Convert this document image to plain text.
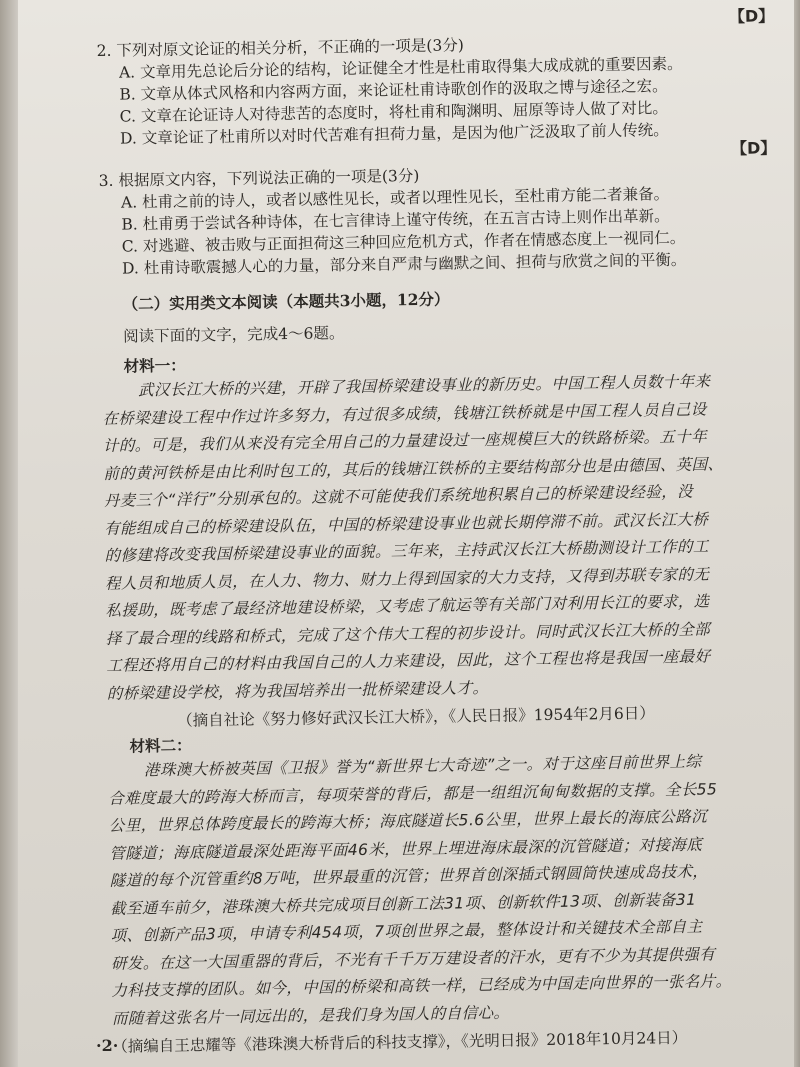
【D】

2. 下列对原文论证的相关分析，不正确的一项是(3分)

A. 文章用先总论后分论的结构，论证健全才性是杜甫取得集大成成就的重要因素。

B. 文章从体式风格和内容两方面，来论证杜甫诗歌创作的汲取之博与途径之宏。

C. 文章在论证诗人对待悲苦的态度时，将杜甫和陶渊明、屈原等诗人做了对比。

D. 文章论证了杜甫所以对时代苦难有担荷力量，是因为他广泛汲取了前人传统。

【D】

3. 根据原文内容，下列说法正确的一项是(3分)

A. 杜甫之前的诗人，或者以感性见长，或者以理性见长，至杜甫方能二者兼备。

B. 杜甫勇于尝试各种诗体，在七言律诗上谨守传统，在五言古诗上则作出革新。

C. 对逃避、被击败与正面担荷这三种回应危机方式，作者在情感态度上一视同仁。

D. 杜甫诗歌震撼人心的力量，部分来自严肃与幽默之间、担荷与欣赏之间的平衡。

（二）实用类文本阅读（本题共3小题，12分）

阅读下面的文字，完成4～6题。

材料一：

武汉长江大桥的兴建，开辟了我国桥梁建设事业的新历史。中国工程人员数十年来

在桥梁建设工程中作过许多努力，有过很多成绩，钱塘江铁桥就是中国工程人员自己设

计的。可是，我们从来没有完全用自己的力量建设过一座规模巨大的铁路桥梁。五十年

前的黄河铁桥是由比利时包工的，其后的钱塘江铁桥的主要结构部分也是由德国、英国、

丹麦三个“洋行”分别承包的。这就不可能使我们系统地积累自己的桥梁建设经验，没

有能组成自己的桥梁建设队伍，中国的桥梁建设事业也就长期停滞不前。武汉长江大桥

的修建将改变我国桥梁建设事业的面貌。三年来，主持武汉长江大桥勘测设计工作的工

程人员和地质人员，在人力、物力、财力上得到国家的大力支持，又得到苏联专家的无

私援助，既考虑了最经济地建设桥梁，又考虑了航运等有关部门对利用长江的要求，选

择了最合理的线路和桥式，完成了这个伟大工程的初步设计。同时武汉长江大桥的全部

工程还将用自己的材料由我国自己的人力来建设，因此，这个工程也将是我国一座最好

的桥梁建设学校，将为我国培养出一批桥梁建设人才。

（摘自社论《努力修好武汉长江大桥》，《人民日报》1954年2月6日）

材料二：

港珠澳大桥被英国《卫报》誉为“新世界七大奇迹”之一。对于这座目前世界上综

合难度最大的跨海大桥而言，每项荣誉的背后，都是一组组沉甸甸数据的支撑。全长55

公里，世界总体跨度最长的跨海大桥；海底隧道长5.6公里，世界上最长的海底公路沉

管隧道；海底隧道最深处距海平面46米，世界上埋进海床最深的沉管隧道；对接海底

隧道的每个沉管重约8万吨，世界最重的沉管；世界首创深插式钢圆筒快速成岛技术，

截至通车前夕，港珠澳大桥共完成项目创新工法31项、创新软件13项、创新装备31

项、创新产品3项，申请专利454项，7项创世界之最，整体设计和关键技术全部自主

研发。在这一大国重器的背后，不光有千千万万建设者的汗水，更有不少为其提供强有

力科技支撑的团队。如今，中国的桥梁和高铁一样，已经成为中国走向世界的一张名片。

而随着这张名片一同远出的，是我们身为国人的自信心。

（摘编自王忠耀等《港珠澳大桥背后的科技支撑》，《光明日报》2018年10月24日）

·2·
